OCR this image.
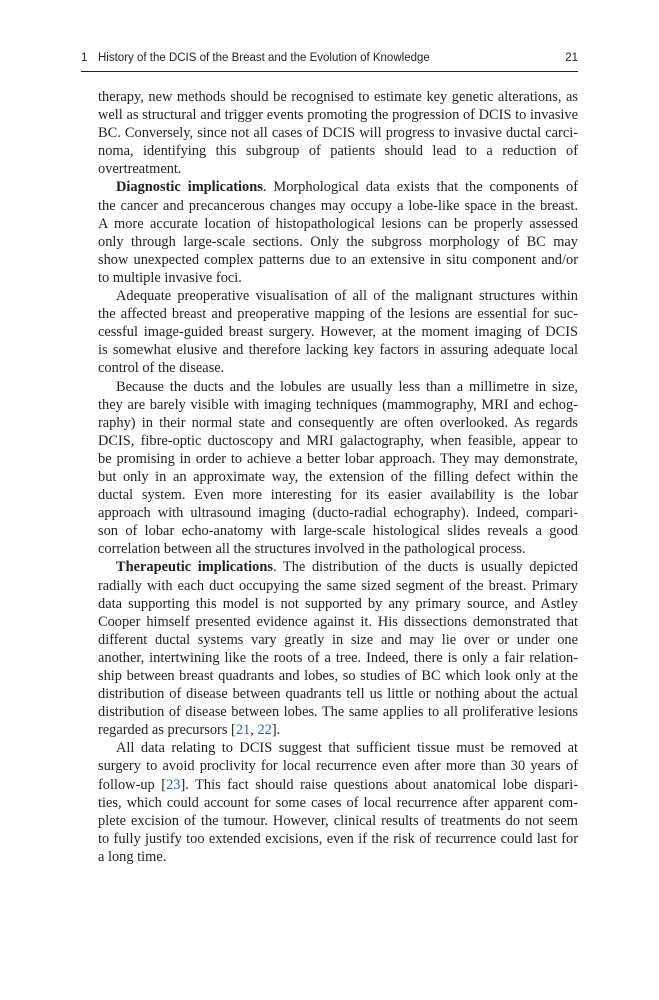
1 History of the DCIS of the Breast and the Evolution of Knowledge	21
therapy, new methods should be recognised to estimate key genetic alterations, as
well as structural and trigger events promoting the progression of DCIS to invasive
BC. Conversely, since not all cases of DCIS will progress to invasive ductal carci-
noma, identifying this subgroup of patients should lead to a reduction of
overtreatment.
Diagnostic implications. Morphological data exists that the components of
the cancer and precancerous changes may occupy a lobe-like space in the breast.
A more accurate location of histopathological lesions can be properly assessed
only through large-scale sections. Only the subgross morphology of BC may
show unexpected complex patterns due to an extensive in situ component and/or
to multiple invasive foci.
Adequate preoperative visualisation of all of the malignant structures within
the affected breast and preoperative mapping of the lesions are essential for suc-
cessful image-guided breast surgery. However, at the moment imaging of DCIS
is somewhat elusive and therefore lacking key factors in assuring adequate local
control of the disease.
Because the ducts and the lobules are usually less than a millimetre in size,
they are barely visible with imaging techniques (mammography, MRI and echog-
raphy) in their normal state and consequently are often overlooked. As regards
DCIS, fibre-optic ductoscopy and MRI galactography, when feasible, appear to
be promising in order to achieve a better lobar approach. They may demonstrate,
but only in an approximate way, the extension of the filling defect within the
ductal system. Even more interesting for its easier availability is the lobar
approach with ultrasound imaging (ducto-radial echography). Indeed, compari-
son of lobar echo-anatomy with large-scale histological slides reveals a good
correlation between all the structures involved in the pathological process.
Therapeutic implications. The distribution of the ducts is usually depicted
radially with each duct occupying the same sized segment of the breast. Primary
data supporting this model is not supported by any primary source, and Astley
Cooper himself presented evidence against it. His dissections demonstrated that
different ductal systems vary greatly in size and may lie over or under one
another, intertwining like the roots of a tree. Indeed, there is only a fair relation-
ship between breast quadrants and lobes, so studies of BC which look only at the
distribution of disease between quadrants tell us little or nothing about the actual
distribution of disease between lobes. The same applies to all proliferative lesions
regarded as precursors [21, 22].
All data relating to DCIS suggest that sufficient tissue must be removed at
surgery to avoid proclivity for local recurrence even after more than 30 years of
follow-up [23]. This fact should raise questions about anatomical lobe dispari-
ties, which could account for some cases of local recurrence after apparent com-
plete excision of the tumour. However, clinical results of treatments do not seem
to fully justify too extended excisions, even if the risk of recurrence could last for
a long time.
